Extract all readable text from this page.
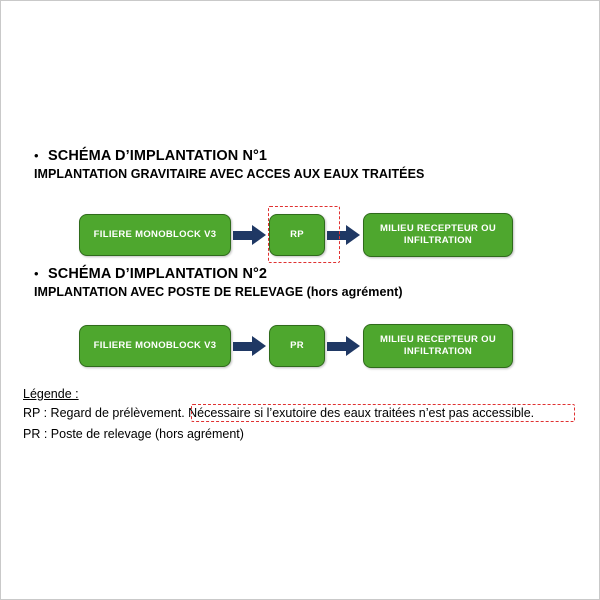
• SCHÉMA D’IMPLANTATION N°1
IMPLANTATION GRAVITAIRE AVEC ACCES AUX EAUX TRAITÉES
FILIERE MONOBLOCK V3	RP
MILIEU RECEPTEUR OU INFILTRATION
• SCHÉMA D’IMPLANTATION N°2
IMPLANTATION AVEC POSTE DE RELEVAGE (hors agrément)
FILIERE MONOBLOCK V3	PR
MILIEU RECEPTEUR OU INFILTRATION
Légende :
RP : Regard de prélèvement. Nécessaire si l’exutoire des eaux traitées n’est pas accessible.
PR : Poste de relevage (hors agrément)
